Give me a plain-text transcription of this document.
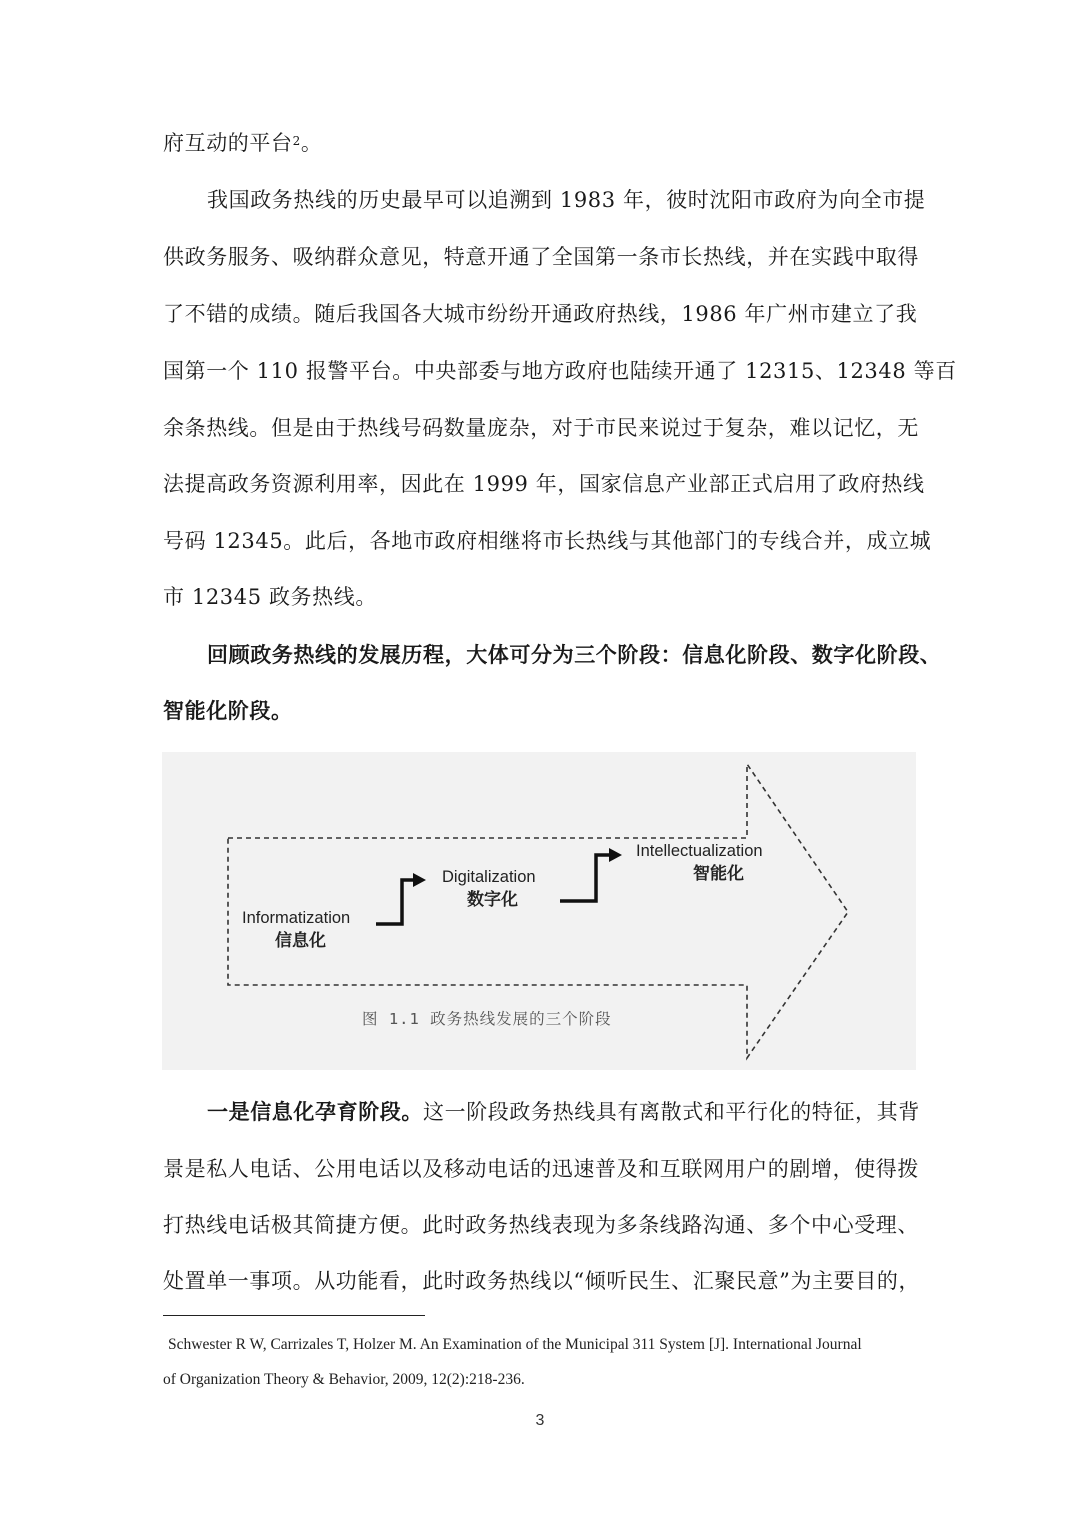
府互动的平台$^2$。
我国政务热线的历史最早可以追溯到 1983 年，彼时沈阳市政府为向全市提
供政务服务、吸纳群众意见，特意开通了全国第一条市长热线，并在实践中取得
了不错的成绩。随后我国各大城市纷纷开通政府热线，1986 年广州市建立了我
国第一个 110 报警平台。中央部委与地方政府也陆续开通了 12315、12348 等百
余条热线。但是由于热线号码数量庞杂，对于市民来说过于复杂，难以记忆，无
法提高政务资源利用率，因此在 1999 年，国家信息产业部正式启用了政府热线
号码 12345。此后，各地市政府相继将市长热线与其他部门的专线合并，成立城
市 12345 政务热线。
回顾政务热线的发展历程，大体可分为三个阶段：信息化阶段、数字化阶段、
智能化阶段。
Informatization
信息化
Digitalization
数字化
Intellectualization
智能化
图 1.1 政务热线发展的三个阶段
一是信息化孕育阶段。这一阶段政务热线具有离散式和平行化的特征，其背
景是私人电话、公用电话以及移动电话的迅速普及和互联网用户的剧增，使得拨
打热线电话极其简捷方便。此时政务热线表现为多条线路沟通、多个中心受理、
处置单一事项。从功能看，此时政务热线以“倾听民生、汇聚民意”为主要目的，
Schwester R W, Carrizales T, Holzer M. An Examination of the Municipal 311 System [J]. International Journal
of Organization Theory & Behavior, 2009, 12(2):218-236.
3
